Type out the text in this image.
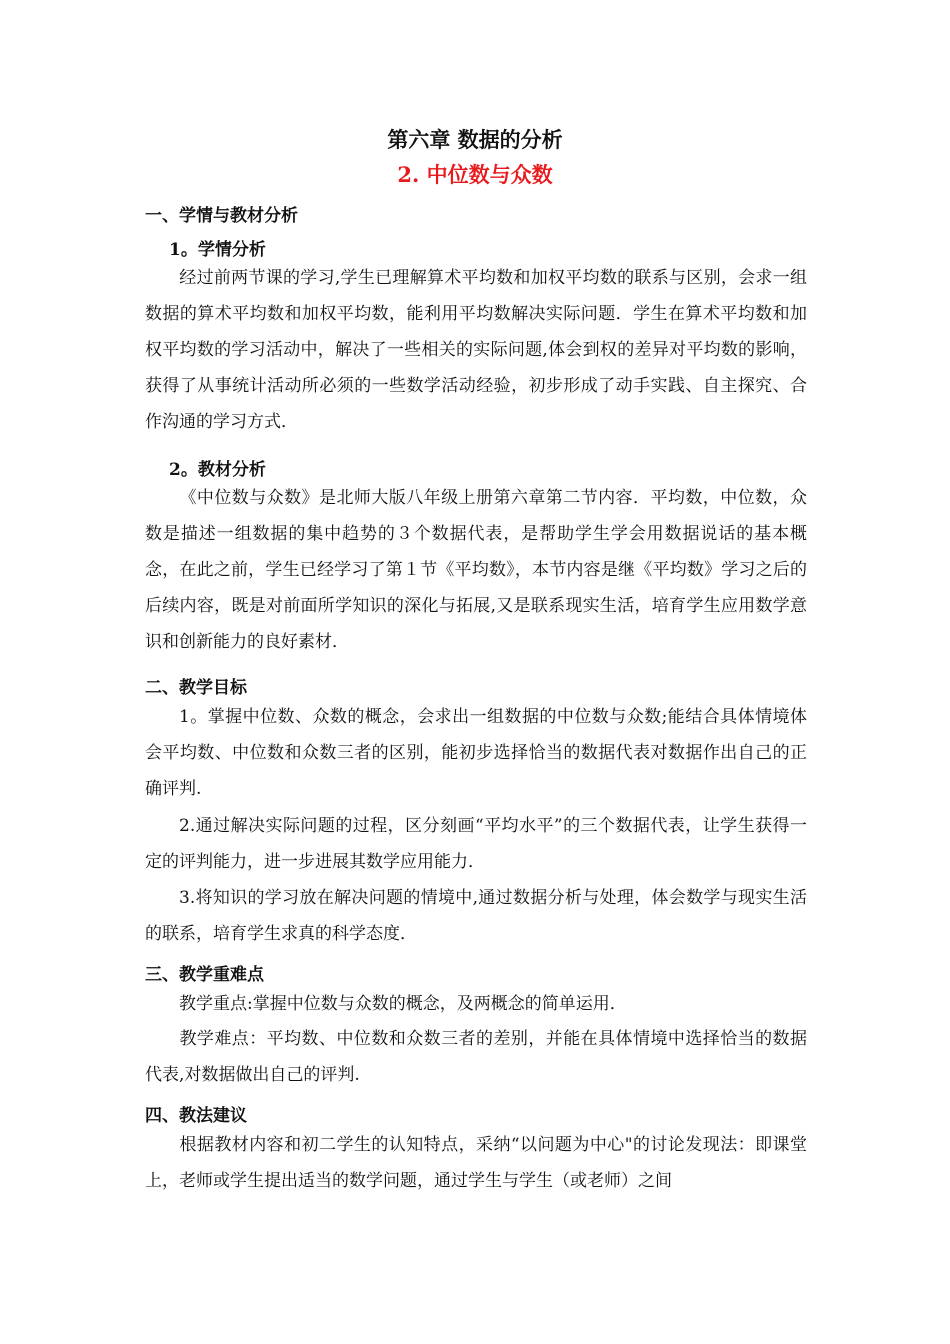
第六章 数据的分析
2. 中位数与众数
一、学情与教材分析
1。学情分析

经过前两节课的学习,学生已理解算术平均数和加权平均数的联系与区别，会求一组数据的算术平均数和加权平均数，能利用平均数解决实际问题．学生在算术平均数和加权平均数的学习活动中，解决了一些相关的实际问题,体会到权的差异对平均数的影响，获得了从事统计活动所必须的一些数学活动经验，初步形成了动手实践、自主探究、合作沟通的学习方式．

2。教材分析

《中位数与众数》是北师大版八年级上册第六章第二节内容．平均数，中位数，众数是描述一组数据的集中趋势的３个数据代表，是帮助学生学会用数据说话的基本概念，在此之前，学生已经学习了第１节《平均数》，本节内容是继《平均数》学习之后的后续内容，既是对前面所学知识的深化与拓展,又是联系现实生活，培育学生应用数学意识和创新能力的良好素材．

二、教学目标

1。掌握中位数、众数的概念，会求出一组数据的中位数与众数;能结合具体情境体会平均数、中位数和众数三者的区别，能初步选择恰当的数据代表对数据作出自己的正确评判.

2.通过解决实际问题的过程，区分刻画“平均水平”的三个数据代表，让学生获得一定的评判能力，进一步进展其数学应用能力．

3.将知识的学习放在解决问题的情境中,通过数据分析与处理，体会数学与现实生活的联系，培育学生求真的科学态度．

三、教学重难点

教学重点:掌握中位数与众数的概念，及两概念的简单运用．

教学难点：平均数、中位数和众数三者的差别，并能在具体情境中选择恰当的数据代表,对数据做出自己的评判.

四、教法建议

根据教材内容和初二学生的认知特点，采纳“以问题为中心"的讨论发现法：即课堂上，老师或学生提出适当的数学问题，通过学生与学生（或老师）之间
